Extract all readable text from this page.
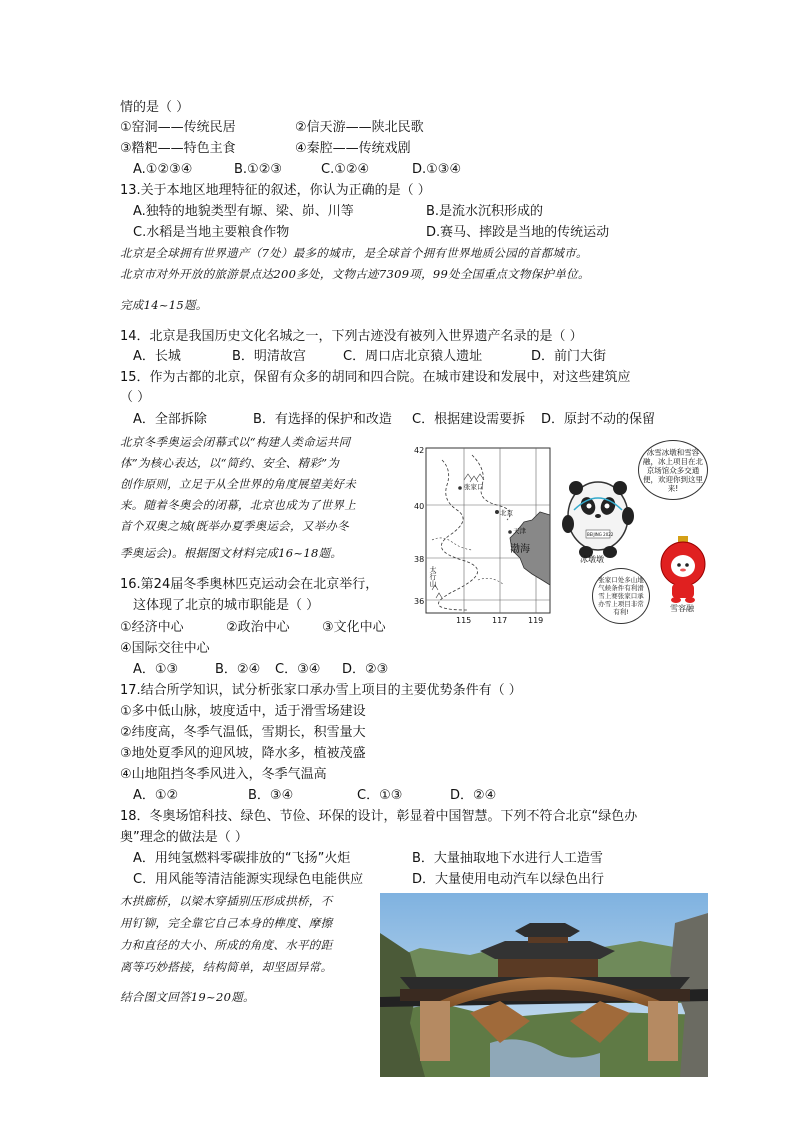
情的是（ ）
①窑洞——传统民居	②信天游——陕北民歌
③糌粑——特色主食	④秦腔——传统戏剧
A.①②③④	B.①②③	C.①②④	D.①③④
13.关于本地区地理特征的叙述，你认为正确的是（ ）
A.独特的地貌类型有塬、梁、峁、川等	B.是流水沉积形成的
C.水稻是当地主要粮食作物	D.赛马、摔跤是当地的传统运动
北京是全球拥有世界遗产（7处）最多的城市，是全球首个拥有世界地质公园的首都城市。
北京市对外开放的旅游景点达200多处，文物古迹7309项，99处全国重点文物保护单位。
完成14~15题。
14．北京是我国历史文化名城之一，下列古迹没有被列入世界遗产名录的是（ ）
A．长城	B．明清故宫	C．周口店北京猿人遗址	D．前门大街
15．作为古都的北京，保留有众多的胡同和四合院。在城市建设和发展中，对这些建筑应
（ ）
A．全部拆除	B．有选择的保护和改造 C．根据建设需要拆 D．原封不动的保留
北京冬季奥运会闭幕式以“构建人类命运共同
体”为核心表达，以“简约、安全、精彩”为
创作原则，立足于从全世界的角度展望美好未
来。随着冬奥会的闭幕，北京也成为了世界上
首个双奥之城(既举办夏季奥运会，又举办冬
季奥运会)。根据图文材料完成16~18题。
42
40
38
36
115	117	119
渤海
张家口
北京
天津
太行山
冰雪冰墩和雪容融，冰上项目在北京场馆众多交通便，欢迎你到这里来!
BEIJING 2022
冰墩墩
张家口处多山地气候条件有利滑雪上赛张家口承办雪上项目非常有利!	雪容融
16.第24届冬季奥林匹克运动会在北京举行，
这体现了北京的城市职能是（ ）
①经济中心	②政治中心 ③文化中心
④国际交往中心
A．①③	B．②④ C．③④ D．②③
17.结合所学知识，试分析张家口承办雪上项目的主要优势条件有（ ）
①多中低山脉，坡度适中，适于滑雪场建设
②纬度高，冬季气温低，雪期长，积雪量大
③地处夏季风的迎风坡，降水多，植被茂盛
④山地阻挡冬季风进入，冬季气温高
A．①②	B．③④	C．①③	D．②④
18．冬奥场馆科技、绿色、节俭、环保的设计，彰显着中国智慧。下列不符合北京“绿色办
奥”理念的做法是（ ）
A．用纯氢燃料零碳排放的“飞扬”火炬	B．大量抽取地下水进行人工造雪
C．用风能等清洁能源实现绿色电能供应	D．大量使用电动汽车以绿色出行
木拱廊桥，以梁木穿插别压形成拱桥，不
用钉铆，完全靠它自己本身的榫度、摩擦
力和直径的大小、所成的角度、水平的距
离等巧妙搭接，结构简单，却坚固异常。
结合图文回答19~20题。
